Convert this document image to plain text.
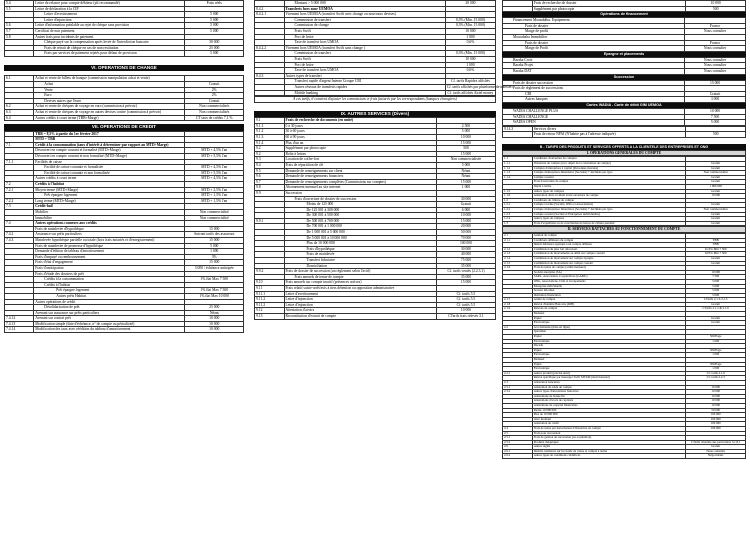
5.4	Lettre de relance pour compte débiteur (pli recommandé)	Frais réels
5.5	Lettre de déclaration à la CIP	
	Lettre d'avertissement	5 000
	Lettre d'injonction	5 000
5.6	Lettre d'information préalable au rejet de chèque sans provision	5 000
5.7	Certificat de non paiement	5 000
5.8	Autres frais pour incidents de paiement	
	Chèque payé sur la compensation après levée de l'interdiction bancaire	30 000
	Frais de retrait de chèque en cas de non restitution	25 000
	Frais par services de paiement rejetés pour défaut de provision	5 000
VI. OPERATIONS DE CHANGE
6.1	Achat et vente de billets de banque (commission manipulation achat et vente)	
	Achat	Gratuit
	Vente	2%
	Euro	2%
	Devises autres que l'euro	Gratuit
6.2	Achat et vente de chèques de voyage en euro (commission à prévoir)	Non commercialisés
6.3	Achat et vente de chèques de voyage en autres devises contre (commission à prévoir)	Non commercialisés
6.4	Autres crédits à court terme (TBB+Marge)	CT taux de crédits 7,1 %
VII. OPERATIONS DE CREDIT
	TBB = 8,5% à partir du 1er février 2017	
	MTD = TBB	
7.1	Crédit à la consommation (taux d'intérêt à déterminer par rapport au MTD+Marge)	
	Découvert en compte courant et formalisé (MTD+Marge)	MTD + 4,5% l'an
	Découvert en compte courant et non formalisé (MTD+Marge)	MTD + 5,5% l'an
7.1.1	Facilités de caisse	
	Facilité de caisse courante et formalisée	MTD + 4,5% l'an
	Facilité de caisse courante et non formalisée	MTD + 5,5% l'an
	Autres crédits à court terme	MTD + 4,5% l'an
7.2	Crédits à l'habitat	
7.2.1	Moyen terme (MTD+Marge)	MTD + 2,5% l'an
	Prêt épargne logement	MTD + 1,5% l'an
7.2.2	Long terme (MTD+Marge)	MTD + 1,5% l'an
7.3	Crédit-bail	
	Mobilier	Non commercialisé
	Immobilier	Non commercialisé
7.4	Autres opérations connexes aux crédits	
	Frais de mainlevée d'hypothèque	15 000
7.4.2	Assurance sur prêts particuliers	Suivant tarifs des assureurs
7.4.3	Mainlevée hypothèque partielle ou totale (hors frais notariés et d'enregistrement)	15 000
	Frais de mainlevée de promesse d'hypothèque	5 000
	Demande d'édition de tableau d'amortissement	1 000
	Frais d'impayé ou remboursement	3%
	Frais d'état d'engagement	15 000
	Frais d'anticipation	3 000 / échéance anticipée
	Frais d'étude des dossiers de prêt	
	Crédits à la consommation	1% flat Max 7 500
	Crédits à l'habitat	
	Prêt épargne logement	1% flat Max 7 500
	Autres prêts Habitat	1% flat Max 10 000
	Autres opérations de crédit	
	Désolidarisation de prêt	25 000
	Avenant sur assurance sur prêts particuliers	Néant
7.4.12	Avenant sur contrat prêt	10 000
7.4.13	Modification simple (date d'échéance, n° de compte ou périodicité)	10 000
7.4.14	Modification des taux avec réédition du tableau d'amortissement	10 000
	Montant > 5 000 000	20 000
8.4.2	Transferts hors zone UEMOA	
8.4.2.1	Virement hors UEMOA (transfert Swift avec change ou nouveaux devises)	
	Commission de transfert	0,3% (Min. 15 000)
	Commission de change	0,3% (Min. 15 000)
	Frais Swift	10 000
	Port de lettre	1 000
	Taxe de transfert hors UMOA	0,6%
8.4.2.2	Virement hors UEMOA (transfert Swift sans change )	
	Commission de transfert	0,3% (Min. 15 000)
	Frais Swift	10 000
	Port de lettre	1 000
	Taxe de transfert hors UMOA	0,6%
8.4.3	Autres types de transfert	
	Transfert rapide d'argent Interne Groupe CBI	Cf. tarifs Rapidex affichés
	Autres réseaux de transferts rapides	Cf. tarifs affichés par plateforme de transfert
	Mobile banking	Cf. tarifs affichés Airtel money
A ces tarifs, il convient d'ajouter les commissions et frais facturés par les correspondants (banques étrangères)
IX. AUTRES SERVICES (Divers)
9.1	Frais de recherche de documents (en unité)	
9.1.1	0 à 30 jours	2 500
9.1.2	30 à 60 jours	5 000
9.1.3	60 à 90 jours	10 000
9.1.4	Plus d'un an	15 000
9.2	Supplément par photocopie	500
9.2	Boîte à lettres	15 000
9.3	Location de coffre-fort	Non commercialisée
9.4	Frais de répartition de clé	5 000
9.5	Demande de renseignements sur client	Néant
9.6	Demande de renseignements financiers	Néant
9.7	Demande de renseignements complètes (Commissions sur comptes)	15 000
9.8	Abonnement mensuel au site internet	1 000
9.9	Succession	
	Frais d'ouverture de dossier de succession	30 000
	Moins de 125 000	Gratuit
	De 125 001 à 300 000	6 000
	De 300 001 à 500 000	10 000
9.9.1	De 500 001 à 700 000	15 000
	De 700 001 à 1 000 000	20 000
	De 1 000 001 à 5 000 000	50 000
	De 5 000 001 à 10 000 000	70 000
	Plus de 10 000 000	100 000
	Frais d'hypothèque	30 000
	Frais de mainlevée	40 000
	Transfert fiduciaire	75 000
	Domiciliation	35 000
9.9.2	Frais de dossier de succession (un règlement selon l'actif)	Cf. tarifs ventés (2.2.3.1)
	Frais annuels de tenue de compte	35 000
9.10	Frais annuels sur compte inactif (présences actives)	15 000
9.11	Frais relatif saisie-arrêt/avis à tiers détention ou opposition administrative	
9.11.1	Lettre d'avertissement	Cf. tarifs 5.5
9.11.2	Lettre d'injonction	Cf. tarifs 5.5
9.11.2	Lettre d'injonction	Cf. tarifs 5.5
9.12	Attestation d'avoirs	10 000
9.13	Reconstitution d'extrait de compte	CTarifs frais relevés 3.1
	Frais de recherche de dossier	10 000
	Supplément par photocopie	500
Opérations de financement
Financement Moumbâbu. Equipement	
Frais de dossier	Franco
Marge de profit	Nous consulter
Mourabaha Immobilier	
Frais de dossier	Franco
Marge de Profit	Nous consulter
Epargne et placements
Baraka Crois	Nous consulter
Baraka Projet	Nous consulter
Baraka DAT	Nous consulter
Succession
Frais de dossier succession	15 000
Frais de règlement de successions	
CBI	Gratuit
Autres banques	3 000
Cartes WADIA - Carte de débit GIM UEMOA
WADIA CHALLENGE PLUS	10 000
WADIA CHALLENGE	7 500
WADIA OPEN	5 000
9.14.3	Services divers	
	Frais de retour NPAI (N'habite pas à l'adresse indiquée)	500
B - TARIFS DES PRODUITS ET SERVICES OFFERTS A LA CLIENTELE DES ENTREPRISES ET ONG
I. OPERATIONS GENERALES DU COMPTE
1.1	Conditions d'ouverture de comptes	
1.1.1	Ouverture de compte (avec dépôt de la convention de compte)	Gratuit
1.1.2	Comptes d'entreprises à capital (Personnes morales)	Gratuit
1.1.3	Compte d'entreprises financières (Sociales) + déclinais par type	Non commercialisé
1.1.4	Compte courant	Gratuit
	Frais d'ouverture de compte	Gratuit
	Dépôt à terme	1 000 000
1.1.5	Autres types de comptes	Gratuit
1.1.6	Attestation droit accident avant ouverture de compte	10 000
1.2	Conditions de clôture de compte	
1.2.1	Compte à terme (Société, ONG et Associations)	Gratuit
1.2.2	Compte d'entreprises financières (Sociales) + déclinais par type	Non commercialisé
1.2.3	Compte courant (Société et Entreprises individuelles)	Gratuit
1.2.4	Autres types de comptes	Gratuit
1.3	Frais d'expédition ou de conciliation de lettres de clôture pendant	Gratuit
II. SERVICES RATTACHES AU FONCTIONNEMENT DU COMPTE
2.1	Gestion de compte	
2.1.1	Conditions débiteurs du compte	TBB
	Intérêt débiteurs appliqué à un compte débiteur	TBB
2.1.2	Commission du plus fort découvert	0,10% Min 7 500
2.1.3	Commission de mouvements au débit sur compte courant	0,05% Min 7 500
2.1.4	Commission de mouvement sur compte épargne	Gratuit
2.1.5	Commission de mouvement sur compte courant	Gratuit
2.1.6	Frais de tenue de compte (arrêté mensuel)	
	Société anonyme (SA)	10 000
	SARL, Association, Coopératives (GAML)	7 500
	ONG, Associations, Club et Groupements	5 000
	Entreprise individuelle	5 000
	Secteur informel	5 000
	Institution financières	5 000
2.1.7	Arrêté de compte	CTarifs 2.1.3-2.1.5
2.1.8	Relevé d'identité Bancaire (RIB)	Gratuit
2.1.9	Relevés de compte	CTarifs 2.1.2 & 2.1.6
	Mensuel	
	Papier	Gratuit
	Electronique	Gratuit
2.2	A la demande (mise en ligne)	
	Quotidien	
	Papier	500/Page
	Electronique	1 000
	Décade	
	Papier	500/Page
	Electronique	1 000
	Mensuel	
	Papier	500/Page
	Electronique	1 000
2.2.1	Autres produit (précisé ainsi)	CC tarifs 2.1.6
	Relevé spécifique par messager Swift MT940 (mail mensuel)	CC tarifs 2.2.3
2.3	Attestation bancaires	
2.3.1	Attestation de solde de compte	10 000
2.3.2	Autres types d'attestations bancaires	10 000
	Attestations de bonne fin	10 000
	Attestations d'accès de capitaux	10 000
	Attestations de capacité financières	10 000
	Moins 10 000 000	50 000
	Plus de 10 000 000	100 000
	Avec montant	100 000
	Attestation de crédit	100 000
2.4	Frais de tenue par Autorisation d'Ouverture en compte	100 000
2.5	Frais pour succession	
2.5.1	Frais de gestion de succession (ou acquisition)	
2.5.2	Produits chéquiques	CTarifs clientèle des particuliers 3.1.8.1
2.6	Autres réglés	Gratuit
2.6.1	Intérêts créditeurs sur les fonds de caisse et compte à terme	Nous consulter
2.6.2	Autres types de conditions créditrices	Négociables
